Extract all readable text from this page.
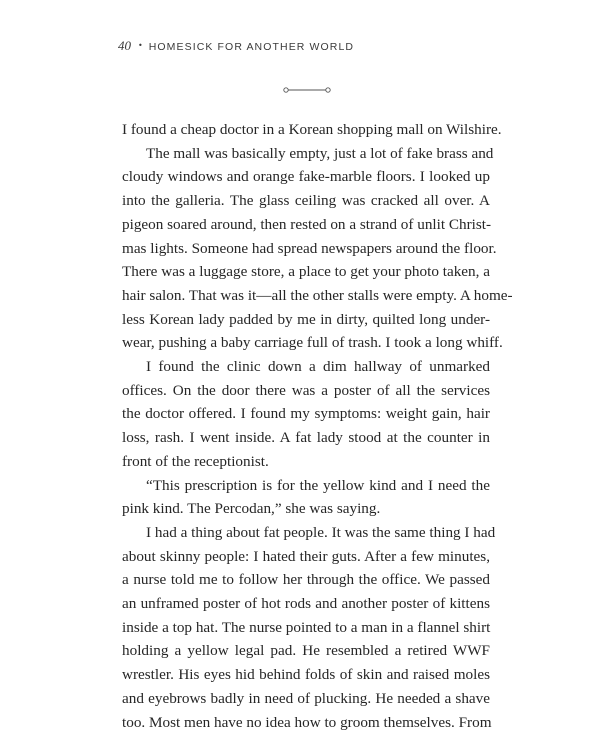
40 • HOMESICK FOR ANOTHER WORLD
I found a cheap doctor in a Korean shopping mall on Wilshire.
The mall was basically empty, just a lot of fake brass and
cloudy windows and orange fake-marble floors. I looked up
into the galleria. The glass ceiling was cracked all over. A
pigeon soared around, then rested on a strand of unlit Christ-
mas lights. Someone had spread newspapers around the floor.
There was a luggage store, a place to get your photo taken, a
hair salon. That was it—all the other stalls were empty. A home-
less Korean lady padded by me in dirty, quilted long under-
wear, pushing a baby carriage full of trash. I took a long whiff.
I found the clinic down a dim hallway of unmarked
offices. On the door there was a poster of all the services
the doctor offered. I found my symptoms: weight gain, hair
loss, rash. I went inside. A fat lady stood at the counter in
front of the receptionist.
“This prescription is for the yellow kind and I need the
pink kind. The Percodan,” she was saying.
I had a thing about fat people. It was the same thing I had
about skinny people: I hated their guts. After a few minutes,
a nurse told me to follow her through the office. We passed
an unframed poster of hot rods and another poster of kittens
inside a top hat. The nurse pointed to a man in a flannel shirt
holding a yellow legal pad. He resembled a retired WWF
wrestler. His eyes hid behind folds of skin and raised moles
and eyebrows badly in need of plucking. He needed a shave
too. Most men have no idea how to groom themselves. From
